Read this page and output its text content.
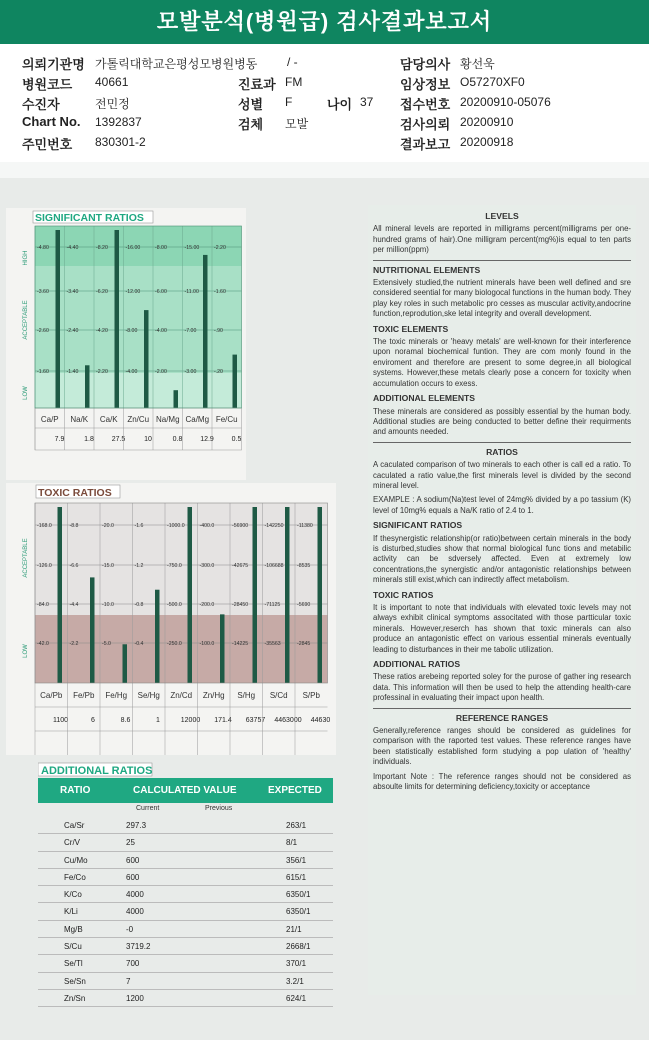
모발분석(병원급) 검사결과보고서
의뢰기관명 가톨릭대학교은평성모병원병동 / -	담당의사 황선욱
병원코드 40661	진료과 FM	임상정보 O57270XF0
수진자	전민정	성별 F	나이 37 접수번호 20200910-05076
Chart No. 1392837	검체 모발	검사의뢰 20200910
주민번호 830301-2	결과보고 20200918
SIGNIFICANT RATIOS
HIGH
ACCEPTABLE
LOW
-4.80
-3.60
-2.60
-1.60
Ca/P
7.9
-4.40
-3.40
-2.40
-1.40
Na/K
1.8
-8.20
-6.20
-4.20
-2.20
Ca/K
27.5
-16.00
-12.00
-8.00
-4.00
Zn/Cu
10
-8.00
-6.00
-4.00
-2.00
Na/Mg
0.8
-15.00
-11.00
-7.00
-3.00
Ca/Mg
12.9
-2.20
-1.60
-.90
-.20
Fe/Cu
0.5
TOXIC RATIOS
ACCEPTABLE
LOW
-168.0
-126.0
-84.0
-42.0
Ca/Pb
1100
-8.8
-6.6
-4.4
-2.2
Fe/Pb
6
-20.0
-15.0
-10.0
-5.0
Fe/Hg
8.6
-1.6
-1.2
-0.8
-0.4
Se/Hg
1
-1000.0
-750.0
-500.0
-250.0
Zn/Cd
12000
-400.0
-300.0
-200.0
-100.0
Zn/Hg
171.4
-56900
-42675
-28450
-14225
S/Hg
63757
-142250
-106688
-71125
-35563
S/Cd
4463000
-11380
-8535
-5690
-2845
S/Pb
44630
ADDITIONAL RATIOS
RATIO	CALCULATED VALUE	EXPECTED
Current	Previous
Ca/Sr	297.3	263/1
Cr/V	25	8/1
Cu/Mo	600	356/1
Fe/Co	600	615/1
K/Co	4000	6350/1
K/Li	4000	6350/1
Mg/B	-0	21/1
S/Cu	3719.2	2668/1
Se/Tl	700	370/1
Se/Sn	7	3.2/1
Zn/Sn	1200	624/1
LEVELS

All mineral levels are reported in milligrams percent(milligrams per one-hundred grams of hair).One milligram percent(mg%)is equal to ten parts per million(ppm)

NUTRITIONAL ELEMENTS

Extensively studied,the nutrient minerals have been well defined and sre considered seential for many biologocal functions in the human body. They play key roles in such metabolic pro cesses as muscular activity,andocrine function,reprodution,ske letal integrity and overall development.

TOXIC ELEMENTS

The toxic minerals or 'heavy metals' are well-known for their interference upon noramal biochemical funtion. They are com monly found in the enviroment and therefore are present to some degree,in all biological systems. However,these metals clearly pose a concern for toxicity when accumulation occurs to exess.

ADDITIONAL ELEMENTS

These minerals are considered as possibly essential by the human body. Additional studies are being conducted to better define their requirments and amounts needed.

RATIOS

A caculated comparison of two minerals to each other is call ed a ratio. To caculated a ratio value,the first minerals level is divided by the second mineral level.

EXAMPLE : A sodium(Na)test level of 24mg% divided by a po tassium (K) level of 10mg% equals a Na/K ratio of 2.4 to 1.

SIGNIFICANT RATIOS

If thesynergistic relationship(or ratio)between certain minerals in the body is disturbed,studies show that normal biological func tions and metabilic activity can be sdversely affected. Even at extremely low concentrations,the synergistic and/or antagonistic relationships between minerals still exist,which can indirectly affect metabolism.

TOXIC RATIOS

It is important to note that individuals with elevated toxic levels may not always exhibit clinical symptoms associtated with those partticular toxic minerals. However,reserch has shown that toxic minerals can also produce an antagonistic effect on various essential minerals eventually leading to disturbances in their me tabolic utilization.

ADDITIONAL RATIOS

These ratios arebeing reported soley for the purose of gather ing research data. This information will then be used to help the attending health-care professinal in evaluating their impact upon health.

REFERENCE RANGES

Generally,reference ranges should be considered as guidelines for comparison with the raported test values. These reference ranges have been statistically established form studying a pop ulation of 'healthy' individuals.

Important Note : The reference ranges should not be considered as absoulte limits for determining deficiency,toxicity or acceptance
